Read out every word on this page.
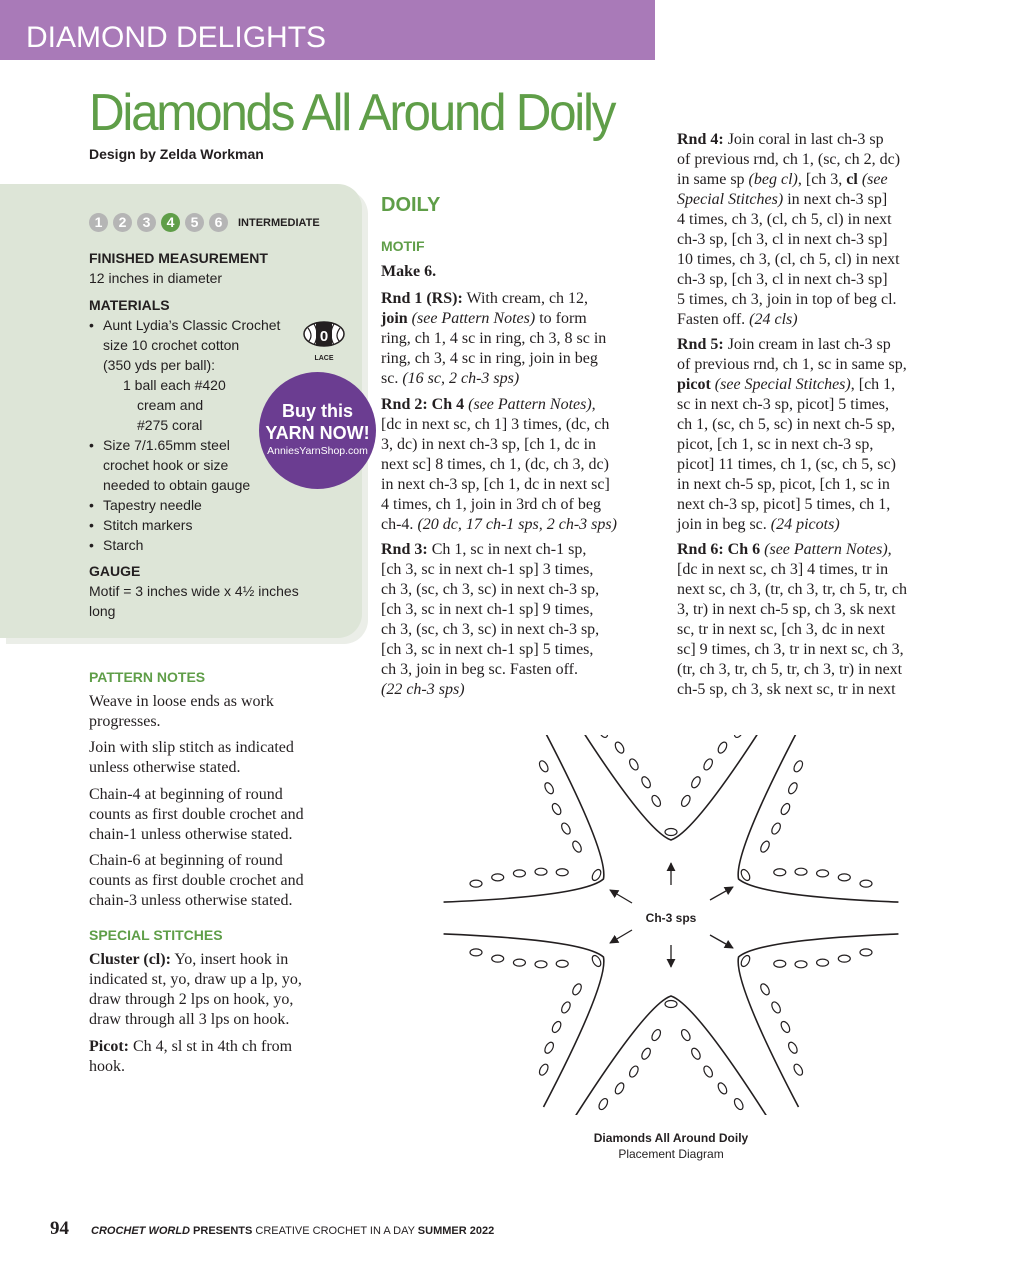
DIAMOND DELIGHTS
Diamonds All Around Doily
Design by Zelda Workman
1	2	3	4	5	6	INTERMEDIATE
FINISHED MEASUREMENT
12 inches in diameter
MATERIALS
• Aunt Lydia’s Classic Crochet
size 10 crochet cotton
(350 yds per ball):
1 ball each #420
cream and
#275 coral
• Size 7/1.65mm steel
crochet hook or size
needed to obtain gauge
• Tapestry needle
• Stitch markers
• Starch
0
LACE
Buy this
YARN NOW!
AnniesYarnShop.com
GAUGE
Motif = 3 inches wide x 4½ inches
long
PATTERN NOTES
Weave in loose ends as work
progresses.
Join with slip stitch as indicated
unless otherwise stated.
Chain-4 at beginning of round
counts as first double crochet and
chain-1 unless otherwise stated.
Chain-6 at beginning of round
counts as first double crochet and
chain-3 unless otherwise stated.
SPECIAL STITCHES
Cluster (cl): Yo, insert hook in
indicated st, yo, draw up a lp, yo,
draw through 2 lps on hook, yo,
draw through all 3 lps on hook.
Picot: Ch 4, sl st in 4th ch from
hook.
DOILY
MOTIF
Make 6.
Rnd 1 (RS): With cream, ch 12,
join (see Pattern Notes) to form
ring, ch 1, 4 sc in ring, ch 3, 8 sc in
ring, ch 3, 4 sc in ring, join in beg
sc. (16 sc, 2 ch-3 sps)
Rnd 2: Ch 4 (see Pattern Notes),
[dc in next sc, ch 1] 3 times, (dc, ch
3, dc) in next ch-3 sp, [ch 1, dc in
next sc] 8 times, ch 1, (dc, ch 3, dc)
in next ch-3 sp, [ch 1, dc in next sc]
4 times, ch 1, join in 3rd ch of beg
ch-4. (20 dc, 17 ch-1 sps, 2 ch-3 sps)
Rnd 3: Ch 1, sc in next ch-1 sp,
[ch 3, sc in next ch-1 sp] 3 times,
ch 3, (sc, ch 3, sc) in next ch-3 sp,
[ch 3, sc in next ch-1 sp] 9 times,
ch 3, (sc, ch 3, sc) in next ch-3 sp,
[ch 3, sc in next ch-1 sp] 5 times,
ch 3, join in beg sc. Fasten off.
(22 ch-3 sps)
Rnd 4: Join coral in last ch-3 sp
of previous rnd, ch 1, (sc, ch 2, dc)
in same sp (beg cl), [ch 3, cl (see
Special Stitches) in next ch-3 sp]
4 times, ch 3, (cl, ch 5, cl) in next
ch-3 sp, [ch 3, cl in next ch-3 sp]
10 times, ch 3, (cl, ch 5, cl) in next
ch-3 sp, [ch 3, cl in next ch-3 sp]
5 times, ch 3, join in top of beg cl.
Fasten off. (24 cls)
Rnd 5: Join cream in last ch-3 sp
of previous rnd, ch 1, sc in same sp,
picot (see Special Stitches), [ch 1,
sc in next ch-3 sp, picot] 5 times,
ch 1, (sc, ch 5, sc) in next ch-5 sp,
picot, [ch 1, sc in next ch-3 sp,
picot] 11 times, ch 1, (sc, ch 5, sc)
in next ch-5 sp, picot, [ch 1, sc in
next ch-3 sp, picot] 5 times, ch 1,
join in beg sc. (24 picots)
Rnd 6: Ch 6 (see Pattern Notes),
[dc in next sc, ch 3] 4 times, tr in
next sc, ch 3, (tr, ch 3, tr, ch 5, tr, ch
3, tr) in next ch-5 sp, ch 3, sk next
sc, tr in next sc, [ch 3, dc in next
sc] 9 times, ch 3, tr in next sc, ch 3,
(tr, ch 3, tr, ch 5, tr, ch 3, tr) in next
ch-5 sp, ch 3, sk next sc, tr in next
Ch-3 sps
Diamonds All Around Doily
Placement Diagram
94 CROCHET WORLD PRESENTS CREATIVE CROCHET IN A DAY SUMMER 2022
